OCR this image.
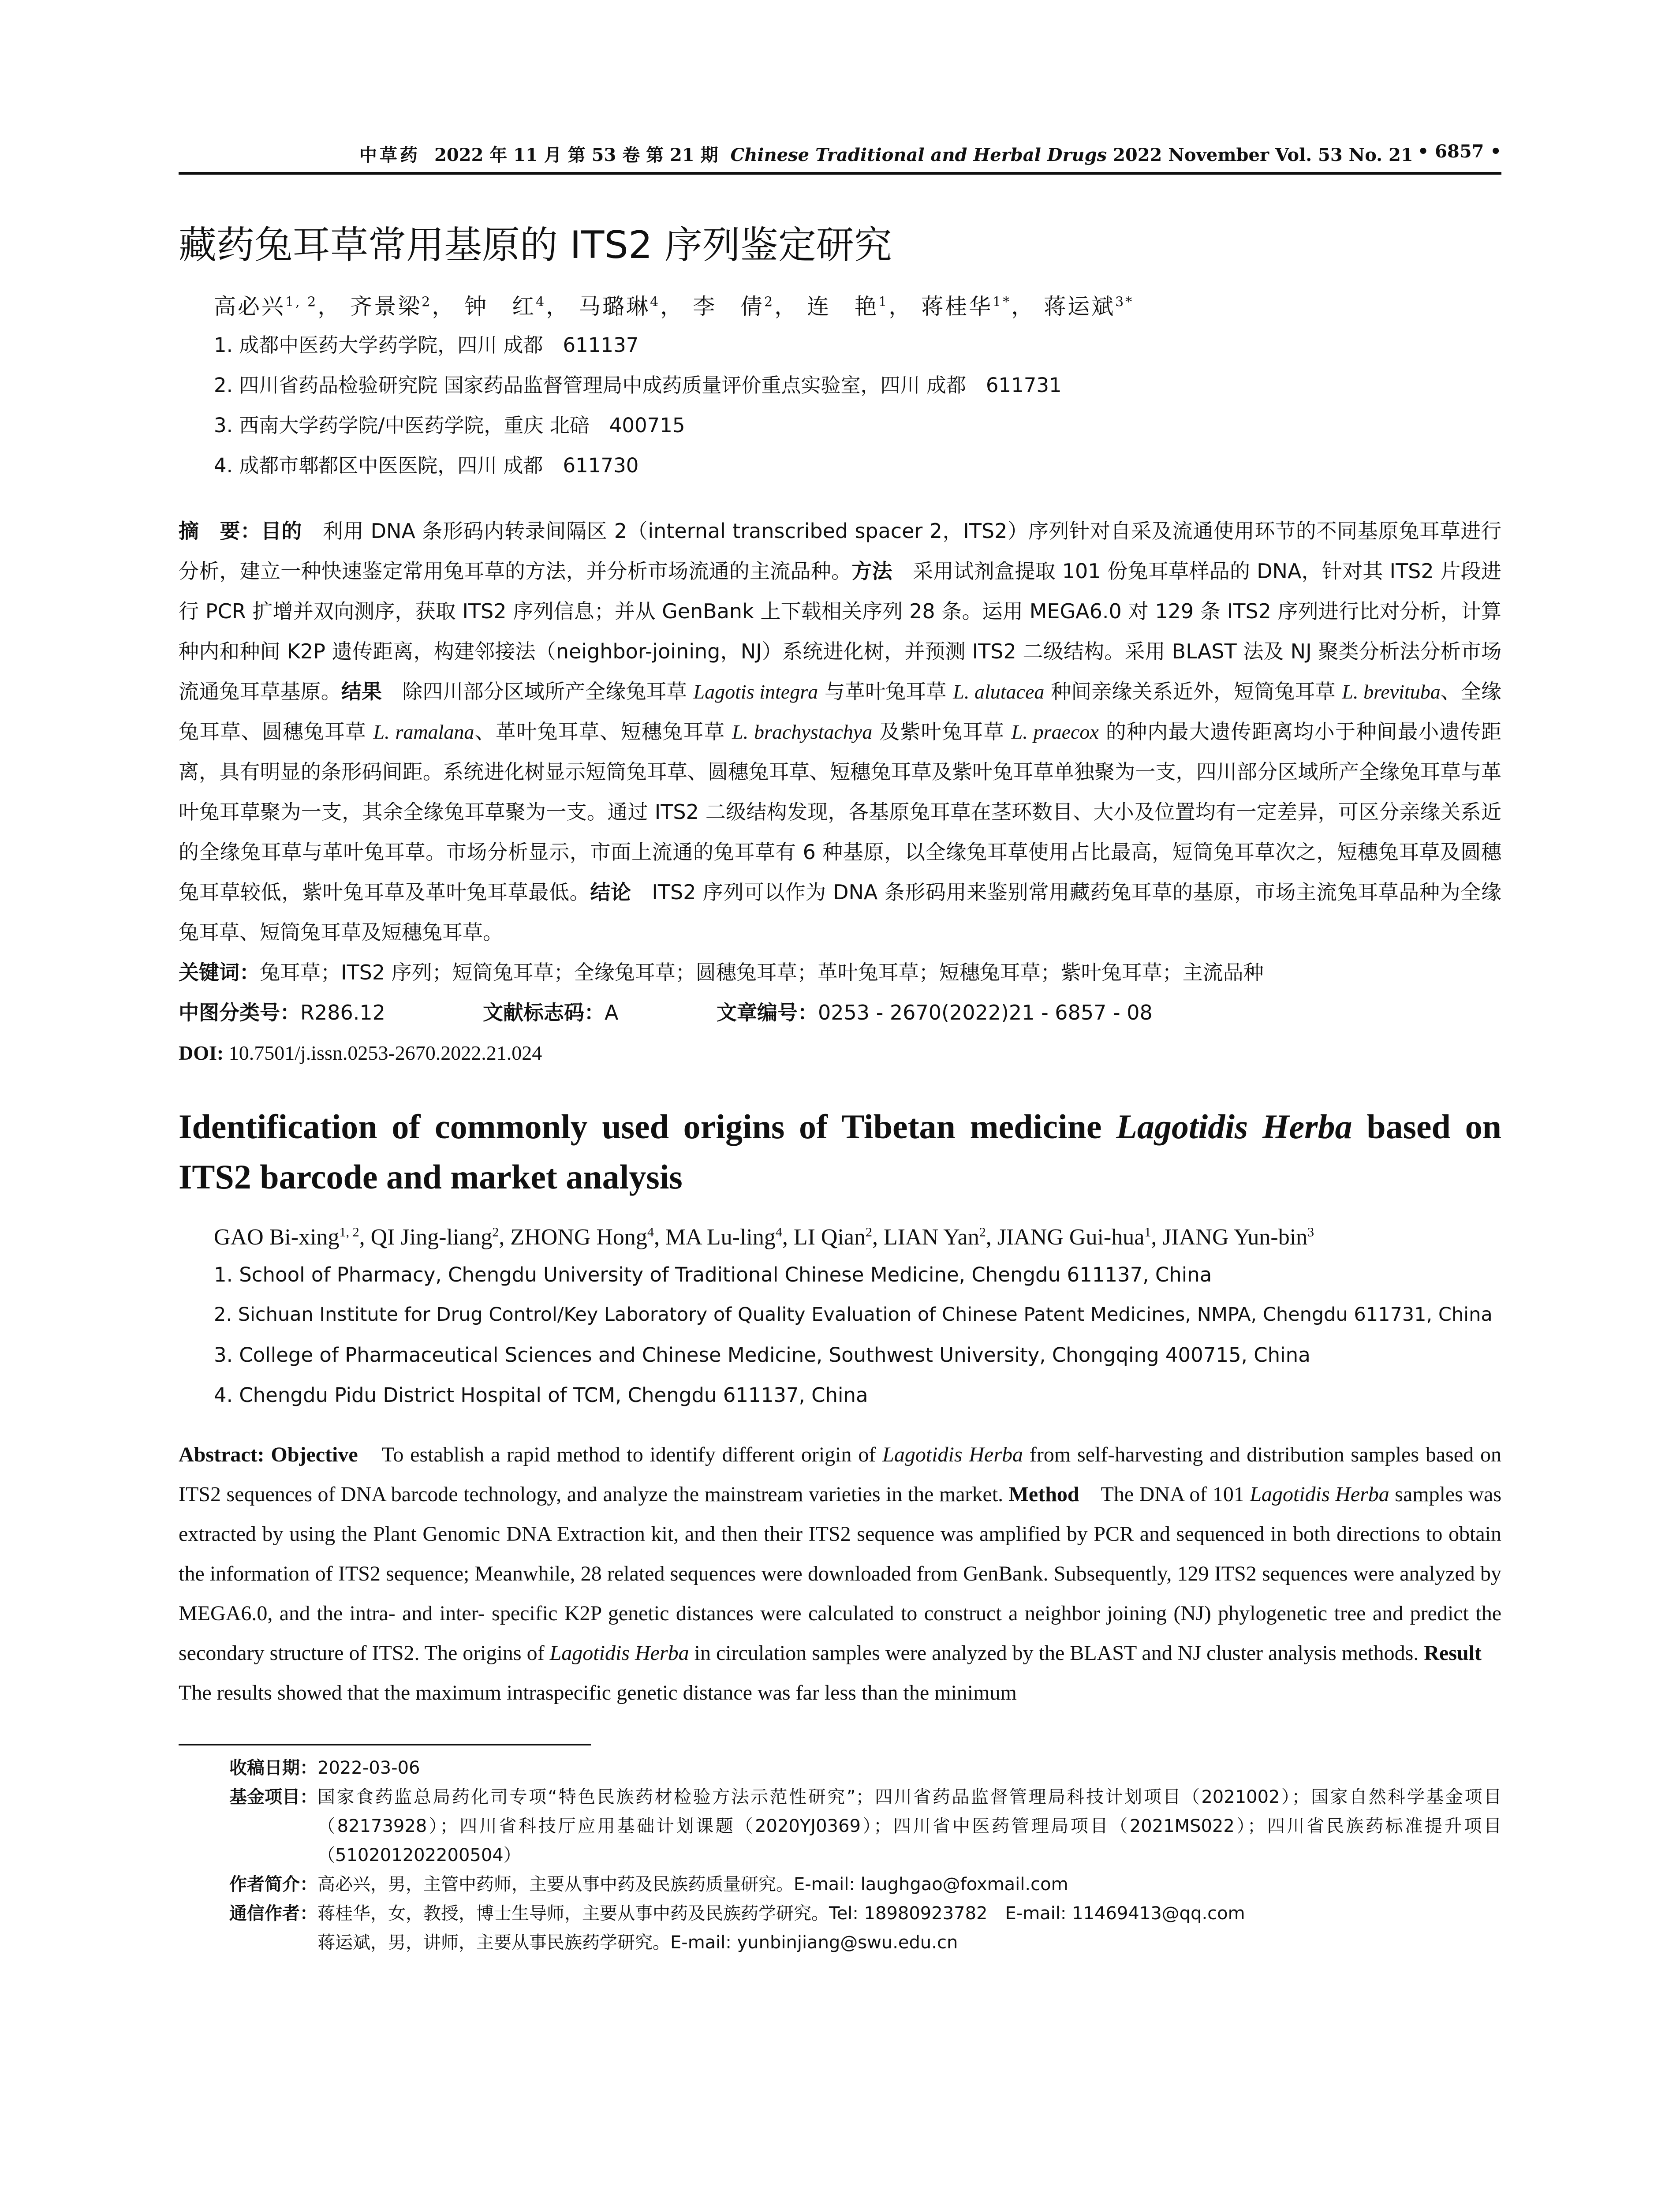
中草药 2022 年 11 月 第 53 卷 第 21 期 Chinese Traditional and Herbal Drugs 2022 November Vol. 53 No. 21 • 6857 •
藏药兔耳草常用基原的 ITS2 序列鉴定研究
高必兴$^{1, 2}$， 齐景梁$^2$， 钟　红$^4$， 马璐琳$^4$， 李　倩$^2$， 连　艳$^1$， 蒋桂华$^{1*}$， 蒋运斌$^{3*}$
1. 成都中医药大学药学院，四川 成都　611137
2. 四川省药品检验研究院 国家药品监督管理局中成药质量评价重点实验室，四川 成都　611731
3. 西南大学药学院/中医药学院，重庆 北碚　400715
4. 成都市郫都区中医医院，四川 成都　611730
摘　要：目的　利用 DNA 条形码内转录间隔区 2（internal transcribed spacer 2，ITS2）序列针对自采及流通使用环节的不同基原兔耳草进行分析，建立一种快速鉴定常用兔耳草的方法，并分析市场流通的主流品种。方法　采用试剂盒提取 101 份兔耳草样品的 DNA，针对其 ITS2 片段进行 PCR 扩增并双向测序，获取 ITS2 序列信息；并从 GenBank 上下载相关序列 28 条。运用 MEGA6.0 对 129 条 ITS2 序列进行比对分析，计算种内和种间 K2P 遗传距离，构建邻接法（neighbor-joining，NJ）系统进化树，并预测 ITS2 二级结构。采用 BLAST 法及 NJ 聚类分析法分析市场流通兔耳草基原。结果　除四川部分区域所产全缘兔耳草 Lagotis integra 与革叶兔耳草 L. alutacea 种间亲缘关系近外，短筒兔耳草 L. brevituba、全缘兔耳草、圆穗兔耳草 L. ramalana、革叶兔耳草、短穗兔耳草 L. brachystachya 及紫叶兔耳草 L. praecox 的种内最大遗传距离均小于种间最小遗传距离，具有明显的条形码间距。系统进化树显示短筒兔耳草、圆穗兔耳草、短穗兔耳草及紫叶兔耳草单独聚为一支，四川部分区域所产全缘兔耳草与革叶兔耳草聚为一支，其余全缘兔耳草聚为一支。通过 ITS2 二级结构发现，各基原兔耳草在茎环数目、大小及位置均有一定差异，可区分亲缘关系近的全缘兔耳草与革叶兔耳草。市场分析显示，市面上流通的兔耳草有 6 种基原，以全缘兔耳草使用占比最高，短筒兔耳草次之，短穗兔耳草及圆穗兔耳草较低，紫叶兔耳草及革叶兔耳草最低。结论　ITS2 序列可以作为 DNA 条形码用来鉴别常用藏药兔耳草的基原，市场主流兔耳草品种为全缘兔耳草、短筒兔耳草及短穗兔耳草。
关键词：兔耳草；ITS2 序列；短筒兔耳草；全缘兔耳草；圆穗兔耳草；革叶兔耳草；短穗兔耳草；紫叶兔耳草；主流品种
中图分类号：R286.12	文献标志码：A	文章编号：0253 - 2670(2022)21 - 6857 - 08
DOI: 10.7501/j.issn.0253-2670.2022.21.024
Identification of commonly used origins of Tibetan medicine Lagotidis Herba based on ITS2 barcode and market analysis
GAO Bi-xing$^{1, 2}$, QI Jing-liang$^2$, ZHONG Hong$^4$, MA Lu-ling$^4$, LI Qian$^2$, LIAN Yan$^2$, JIANG Gui-hua$^1$, JIANG Yun-bin$^3$
1. School of Pharmacy, Chengdu University of Traditional Chinese Medicine, Chengdu 611137, China
2. Sichuan Institute for Drug Control/Key Laboratory of Quality Evaluation of Chinese Patent Medicines, NMPA, Chengdu 611731, China
3. College of Pharmaceutical Sciences and Chinese Medicine, Southwest University, Chongqing 400715, China
4. Chengdu Pidu District Hospital of TCM, Chengdu 611137, China
Abstract: Objective　To establish a rapid method to identify different origin of Lagotidis Herba from self-harvesting and distribution samples based on ITS2 sequences of DNA barcode technology, and analyze the mainstream varieties in the market. Method　The DNA of 101 Lagotidis Herba samples was extracted by using the Plant Genomic DNA Extraction kit, and then their ITS2 sequence was amplified by PCR and sequenced in both directions to obtain the information of ITS2 sequence; Meanwhile, 28 related sequences were downloaded from GenBank. Subsequently, 129 ITS2 sequences were analyzed by MEGA6.0, and the intra- and inter- specific K2P genetic distances were calculated to construct a neighbor joining (NJ) phylogenetic tree and predict the secondary structure of ITS2. The origins of Lagotidis Herba in circulation samples were analyzed by the BLAST and NJ cluster analysis methods. Result　The results showed that the maximum intraspecific genetic distance was far less than the minimum
收稿日期： 2022-03-06
基金项目： 国家食药监总局药化司专项“特色民族药材检验方法示范性研究”；四川省药品监督管理局科技计划项目（2021002）；国家自然科学基金项目（82173928）；四川省科技厅应用基础计划课题（2020YJ0369）；四川省中医药管理局项目（2021MS022）；四川省民族药标准提升项目（510201202200504）
作者简介： 高必兴，男，主管中药师，主要从事中药及民族药质量研究。E-mail: laughgao@foxmail.com
通信作者： 蒋桂华，女，教授，博士生导师，主要从事中药及民族药学研究。Tel: 18980923782　E-mail: 11469413@qq.com
蒋运斌，男，讲师，主要从事民族药学研究。E-mail: yunbinjiang@swu.edu.cn
